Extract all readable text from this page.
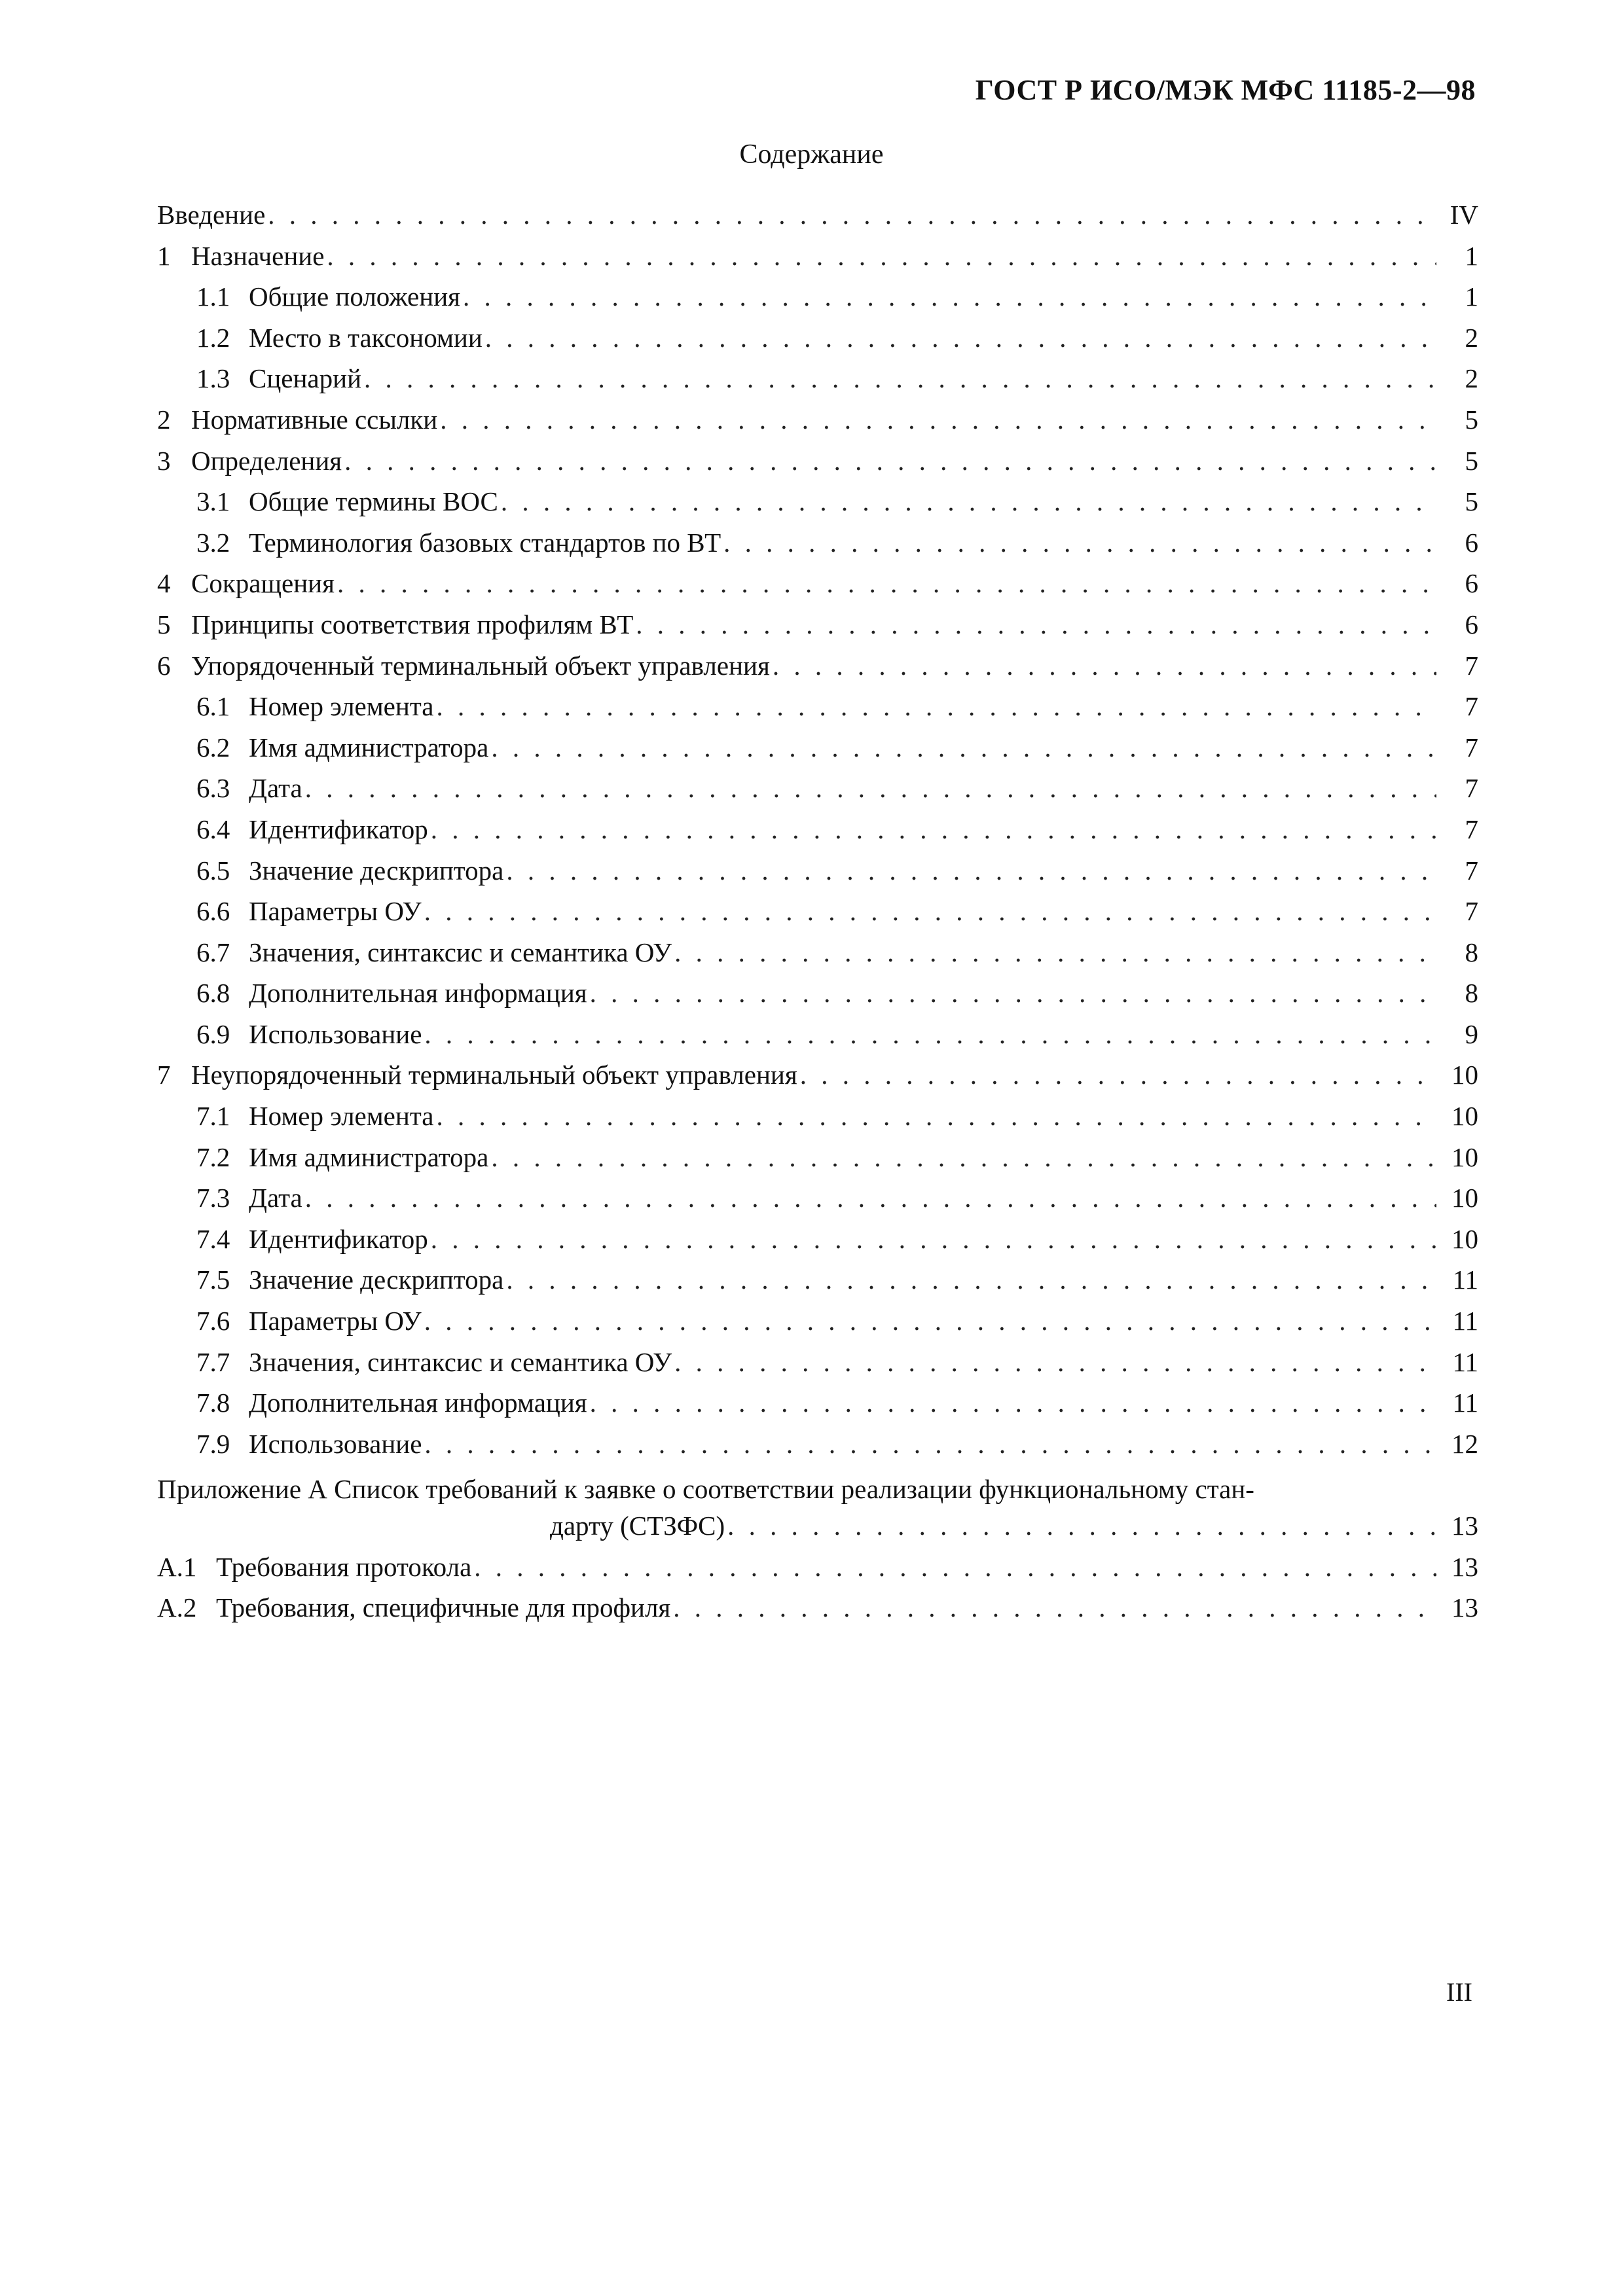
ГОСТ Р ИСО/МЭК МФС 11185-2—98
Содержание
Введение . . .	IV
1 Назначение . . .	1
1.1 Общие положения . . .	1
1.2 Место в таксономии . . .	2
1.3 Сценарий . . .	2
2 Нормативные ссылки . . .	5
3 Определения . . .	5
3.1 Общие термины ВОС . . .	5
3.2 Терминология базовых стандартов по ВТ . . .	6
4 Сокращения . . .	6
5 Принципы соответствия профилям ВТ . . .	6
6 Упорядоченный терминальный объект управления . . .	7
6.1 Номер элемента . . .	7
6.2 Имя администратора . . .	7
6.3 Дата . . .	7
6.4 Идентификатор . . .	7
6.5 Значение дескриптора . . .	7
6.6 Параметры ОУ . . .	7
6.7 Значения, синтаксис и семантика ОУ . . .	8
6.8 Дополнительная информация . . .	8
6.9 Использование . . .	9
7 Неупорядоченный терминальный объект управления . . .	10
7.1 Номер элемента . . .	10
7.2 Имя администратора . . .	10
7.3 Дата . . .	10
7.4 Идентификатор . . .	10
7.5 Значение дескриптора . . .	11
7.6 Параметры ОУ . . .	11
7.7 Значения, синтаксис и семантика ОУ . . .	11
7.8 Дополнительная информация . . .	11
7.9 Использование . . .	12
Приложение А Список требований к заявке о соответствии реализации функциональному стан-
дарту (СТЗФС) . . .	13
А.1 Требования протокола . . .	13
А.2 Требования, специфичные для профиля . . .	13
III
